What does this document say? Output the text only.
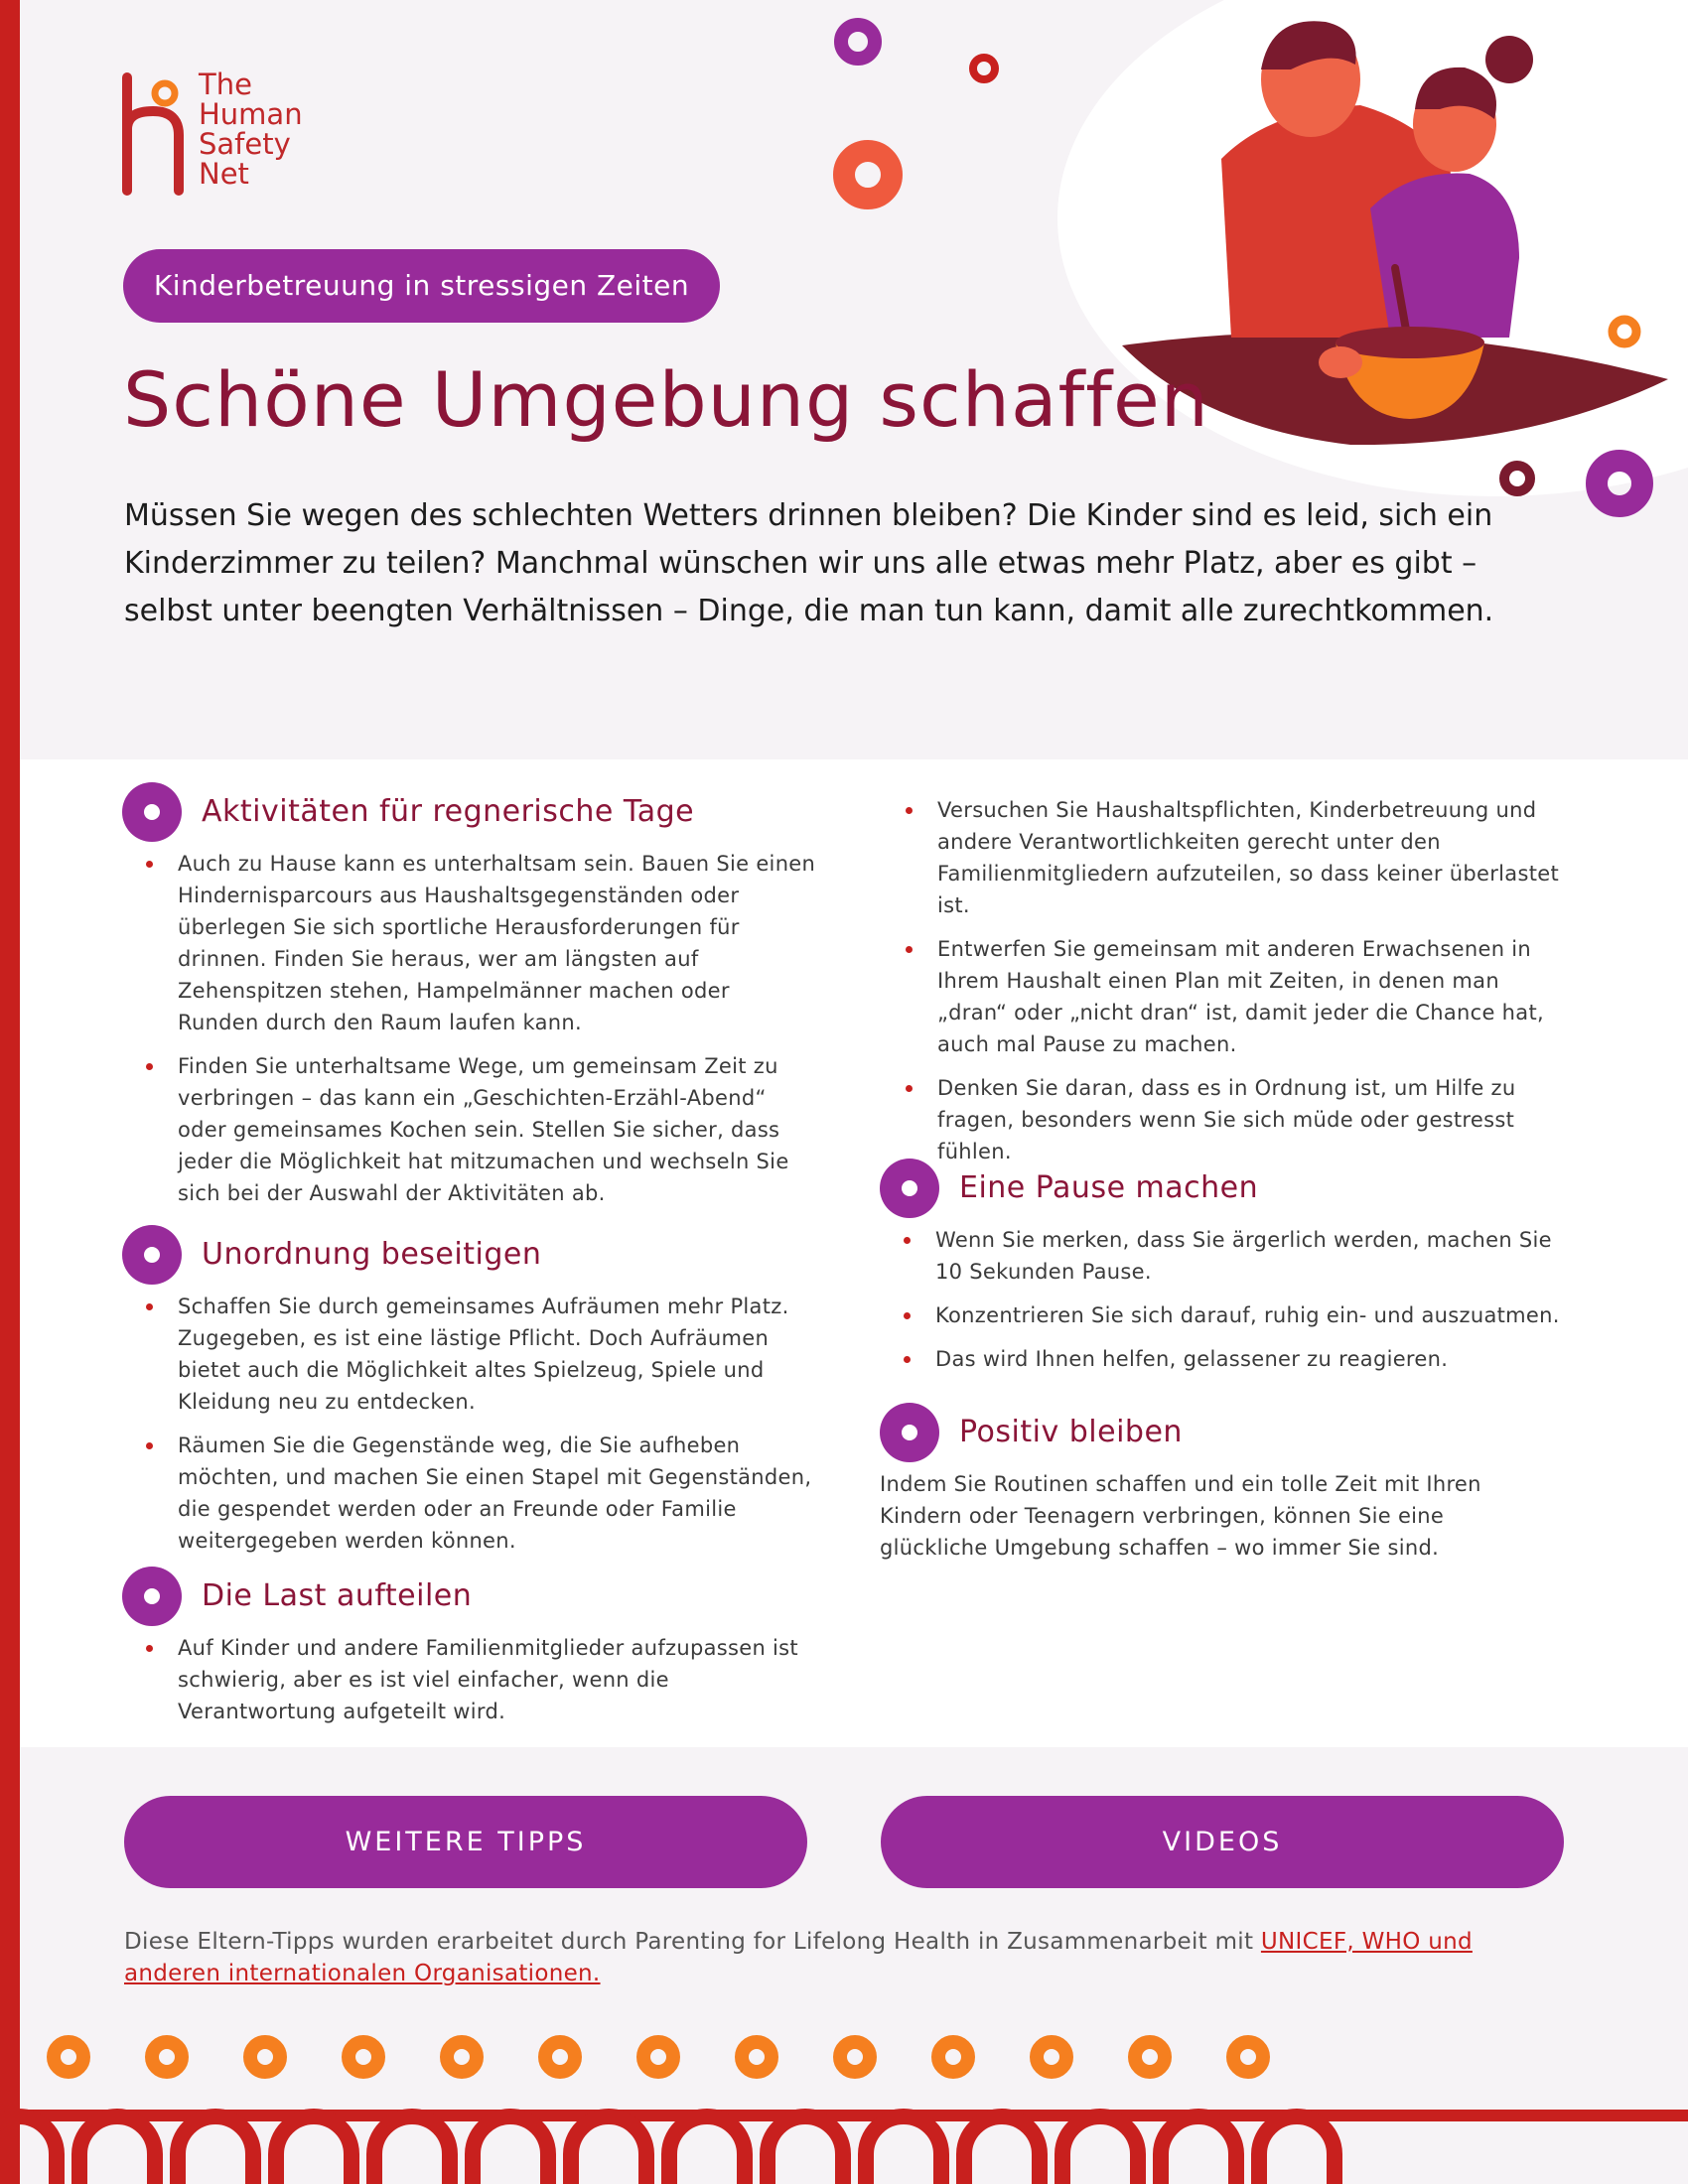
The
Human
Safety
Net
Kinderbetreuung in stressigen Zeiten
Schöne Umgebung schaffen

Müssen Sie wegen des schlechten Wetters drinnen bleiben? Die Kinder sind es leid, sich ein Kinderzimmer zu teilen? Manchmal wünschen wir uns alle etwas mehr Platz, aber es gibt – selbst unter beengten Verhältnissen – Dinge, die man tun kann, damit alle zurechtkommen.

Aktivitäten für regnerische Tage
Auch zu Hause kann es unterhaltsam sein. Bauen Sie einen Hindernisparcours aus Haushaltsgegenständen oder überlegen Sie sich sportliche Herausforderungen für drinnen. Finden Sie heraus, wer am längsten auf Zehenspitzen stehen, Hampelmänner machen oder Runden durch den Raum laufen kann.
Finden Sie unterhaltsame Wege, um gemeinsam Zeit zu verbringen – das kann ein „Geschichten-Erzähl-Abend“ oder gemeinsames Kochen sein. Stellen Sie sicher, dass jeder die Möglichkeit hat mitzumachen und wechseln Sie sich bei der Auswahl der Aktivitäten ab.
Unordnung beseitigen
Schaffen Sie durch gemeinsames Aufräumen mehr Platz. Zugegeben, es ist eine lästige Pflicht. Doch Aufräumen bietet auch die Möglichkeit altes Spielzeug, Spiele und Kleidung neu zu entdecken.
Räumen Sie die Gegenstände weg, die Sie aufheben möchten, und machen Sie einen Stapel mit Gegenständen, die gespendet werden oder an Freunde oder Familie weitergegeben werden können.
Die Last aufteilen
Auf Kinder und andere Familienmitglieder aufzupassen ist schwierig, aber es ist viel einfacher, wenn die Verantwortung aufgeteilt wird.
Versuchen Sie Haushaltspflichten, Kinderbetreuung und andere Verantwortlichkeiten gerecht unter den Familienmitgliedern aufzuteilen, so dass keiner überlastet ist.
Entwerfen Sie gemeinsam mit anderen Erwachsenen in Ihrem Haushalt einen Plan mit Zeiten, in denen man „dran“ oder „nicht dran“ ist, damit jeder die Chance hat, auch mal Pause zu machen.
Denken Sie daran, dass es in Ordnung ist, um Hilfe zu fragen, besonders wenn Sie sich müde oder gestresst fühlen.
Eine Pause machen
Wenn Sie merken, dass Sie ärgerlich werden, machen Sie 10 Sekunden Pause.
Konzentrieren Sie sich darauf, ruhig ein- und auszuatmen.
Das wird Ihnen helfen, gelassener zu reagieren.
Positiv bleiben

Indem Sie Routinen schaffen und ein tolle Zeit mit Ihren Kindern oder Teenagern verbringen, können Sie eine glückliche Umgebung schaffen – wo immer Sie sind.

WEITERE TIPPS	VIDEOS
Diese Eltern-Tipps wurden erarbeitet durch Parenting for Lifelong Health in Zusammenarbeit mit UNICEF, WHO und anderen internationalen Organisationen.
